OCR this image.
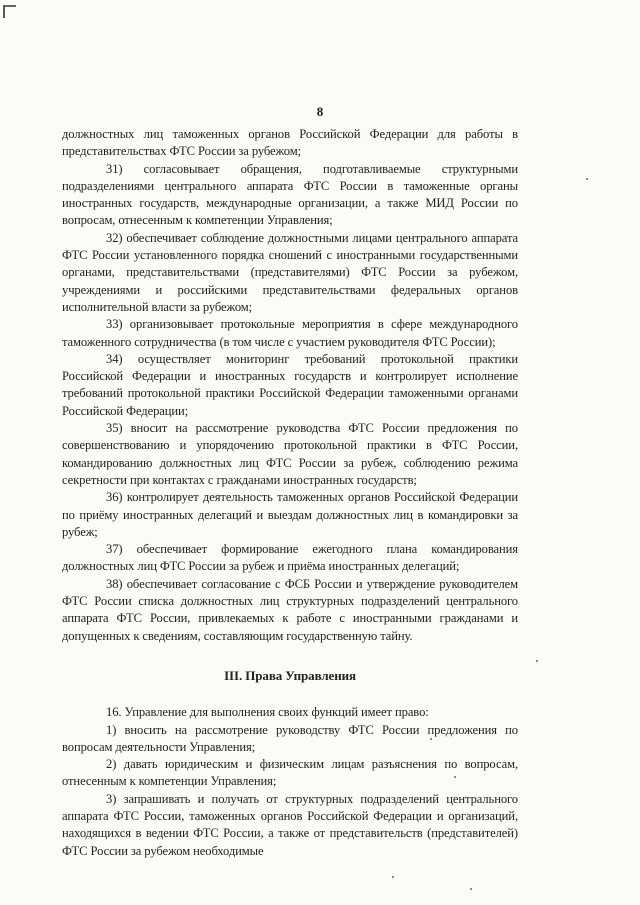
8

должностных лиц таможенных органов Российской Федерации для работы в представительствах ФТС России за рубежом;

31) согласовывает обращения, подготавливаемые структурными подразделениями центрального аппарата ФТС России в таможенные органы иностранных государств, международные организации, а также МИД России по вопросам, отнесенным к компетенции Управления;

32) обеспечивает соблюдение должностными лицами центрального аппарата ФТС России установленного порядка сношений с иностранными государственными органами, представительствами (представителями) ФТС России за рубежом, учреждениями и российскими представительствами федеральных органов исполнительной власти за рубежом;

33) организовывает протокольные мероприятия в сфере международного таможенного сотрудничества (в том числе с участием руководителя ФТС России);

34) осуществляет мониторинг требований протокольной практики Российской Федерации и иностранных государств и контролирует исполнение требований протокольной практики Российской Федерации таможенными органами Российской Федерации;

35) вносит на рассмотрение руководства ФТС России предложения по совершенствованию и упорядочению протокольной практики в ФТС России, командированию должностных лиц ФТС России за рубеж, соблюдению режима секретности при контактах с гражданами иностранных государств;

36) контролирует деятельность таможенных органов Российской Федерации по приёму иностранных делегаций и выездам должностных лиц в командировки за рубеж;

37) обеспечивает формирование ежегодного плана командирования должностных лиц ФТС России за рубеж и приёма иностранных делегаций;

38) обеспечивает согласование с ФСБ России и утверждение руководителем ФТС России списка должностных лиц структурных подразделений центрального аппарата ФТС России, привлекаемых к работе с иностранными гражданами и допущенных к сведениям, составляющим государственную тайну.

III. Права Управления

16. Управление для выполнения своих функций имеет право:

1) вносить на рассмотрение руководству ФТС России предложения по вопросам деятельности Управления;

2) давать юридическим и физическим лицам разъяснения по вопросам, отнесенным к компетенции Управления;

3) запрашивать и получать от структурных подразделений центрального аппарата ФТС России, таможенных органов Российской Федерации и организаций, находящихся в ведении ФТС России, а также от представительств (представителей) ФТС России за рубежом необходимые
